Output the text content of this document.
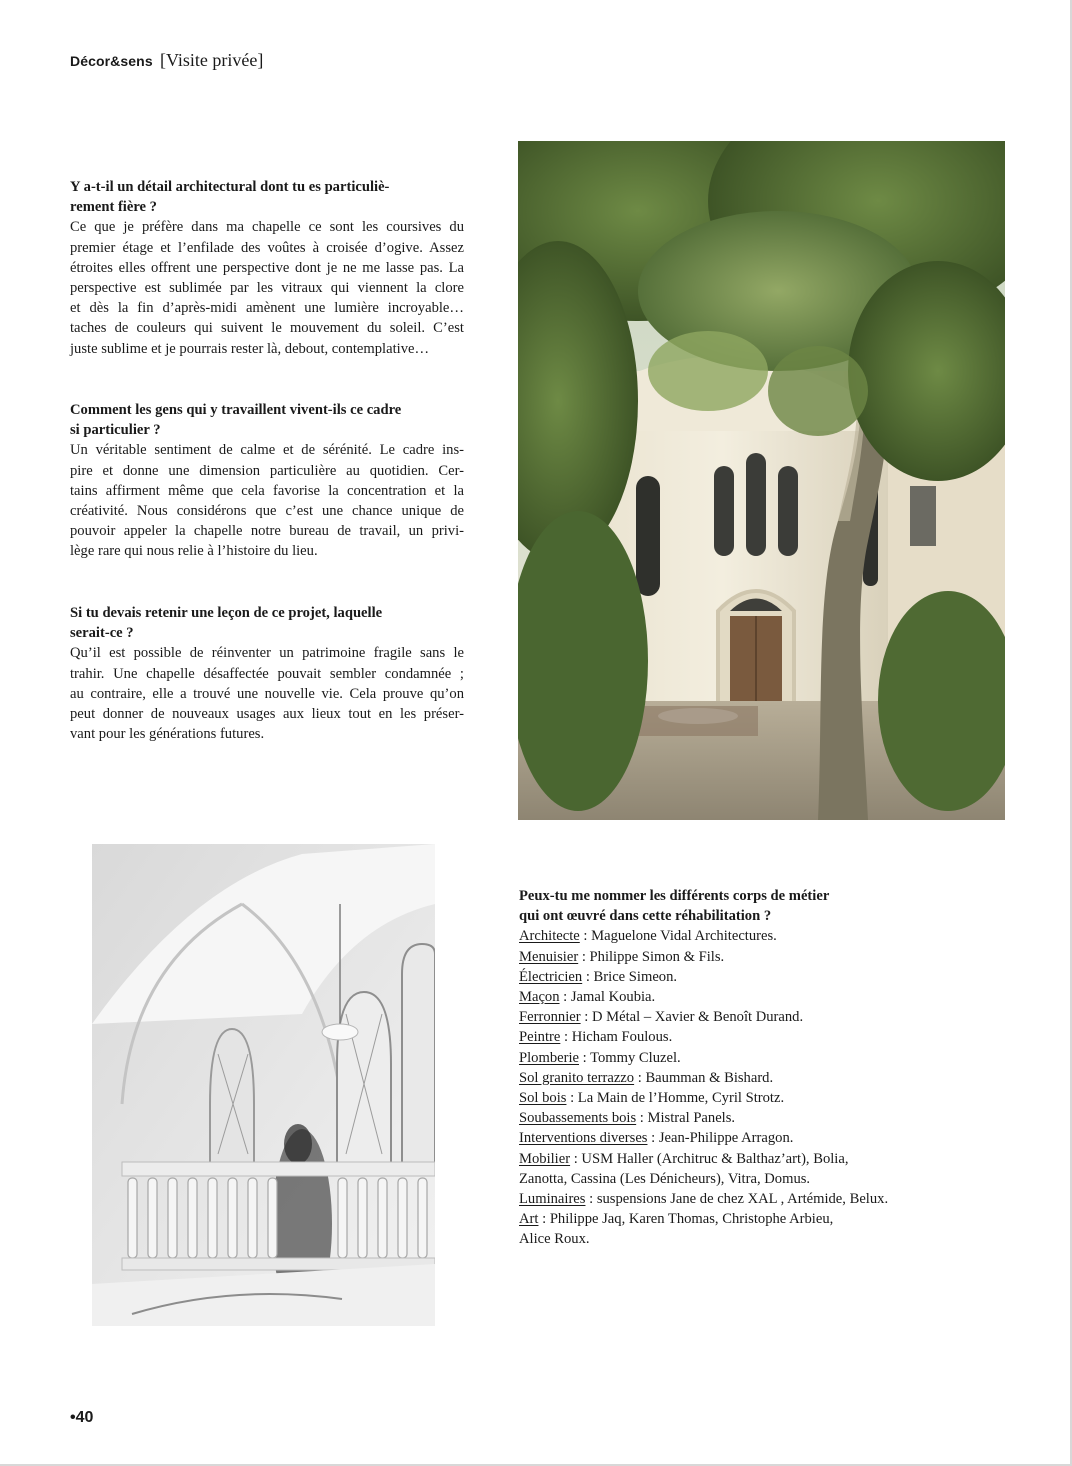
Décor&sens [Visite privée]
Y a-t-il un détail architectural dont tu es particuliè-
rement fière ?
Ce que je préfère dans ma chapelle ce sont les coursives du
premier étage et l’enfilade des voûtes à croisée d’ogive. Assez
étroites elles offrent une perspective dont je ne me lasse pas. La
perspective est sublimée par les vitraux qui viennent la clore
et dès la fin d’après-midi amènent une lumière incroyable…
taches de couleurs qui suivent le mouvement du soleil. C’est
juste sublime et je pourrais rester là, debout, contemplative…
Comment les gens qui y travaillent vivent-ils ce cadre
si particulier ?
Un véritable sentiment de calme et de sérénité. Le cadre ins-
pire et donne une dimension particulière au quotidien. Cer-
tains affirment même que cela favorise la concentration et la
créativité. Nous considérons que c’est une chance unique de
pouvoir appeler la chapelle notre bureau de travail, un privi-
lège rare qui nous relie à l’histoire du lieu.
Si tu devais retenir une leçon de ce projet, laquelle
serait-ce ?
Qu’il est possible de réinventer un patrimoine fragile sans le
trahir. Une chapelle désaffectée pouvait sembler condamnée ;
au contraire, elle a trouvé une nouvelle vie. Cela prouve qu’on
peut donner de nouveaux usages aux lieux tout en les préser-
vant pour les générations futures.
Peux-tu me nommer les différents corps de métier
qui ont œuvré dans cette réhabilitation ?
Architecte : Maguelone Vidal Architectures.
Menuisier : Philippe Simon & Fils.
Électricien : Brice Simeon.
Maçon : Jamal Koubia.
Ferronnier : D Métal – Xavier & Benoît Durand.
Peintre : Hicham Foulous.
Plomberie : Tommy Cluzel.
Sol granito terrazzo : Baumman & Bishard.
Sol bois : La Main de l’Homme, Cyril Strotz.
Soubassements bois : Mistral Panels.
Interventions diverses : Jean-Philippe Arragon.
Mobilier : USM Haller (Architruc & Balthaz’art), Bolia,
Zanotta, Cassina (Les Dénicheurs), Vitra, Domus.
Luminaires : suspensions Jane de chez XAL , Artémide, Belux.
Art : Philippe Jaq, Karen Thomas, Christophe Arbieu,
Alice Roux.
•40
